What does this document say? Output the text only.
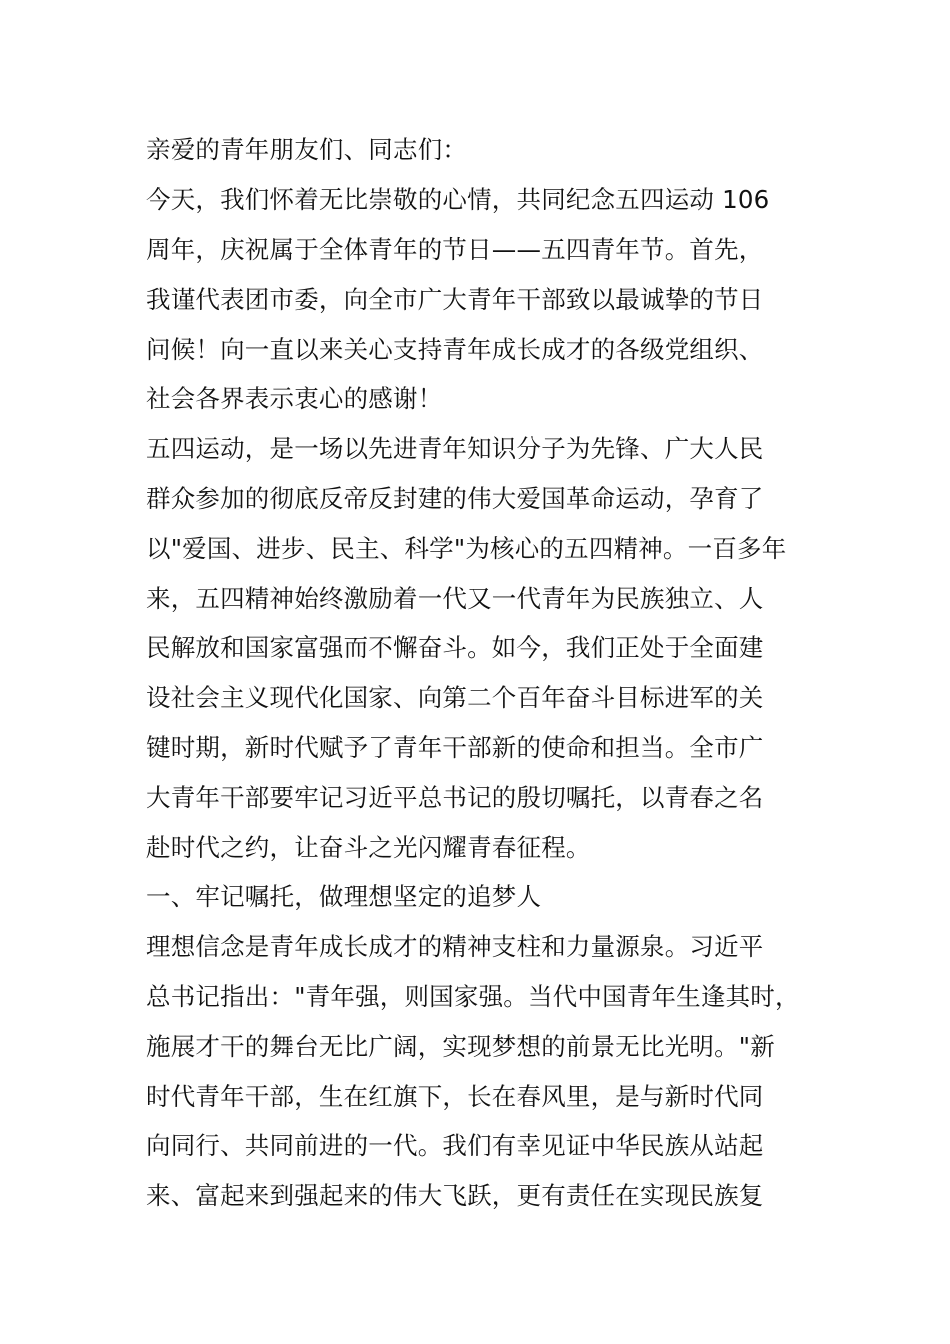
亲爱的青年朋友们、同志们：
今天，我们怀着无比崇敬的心情，共同纪念五四运动 106
周年，庆祝属于全体青年的节日——五四青年节。首先，
我谨代表团市委，向全市广大青年干部致以最诚挚的节日
问候！向一直以来关心支持青年成长成才的各级党组织、
社会各界表示衷心的感谢！
五四运动，是一场以先进青年知识分子为先锋、广大人民
群众参加的彻底反帝反封建的伟大爱国革命运动，孕育了
以"爱国、进步、民主、科学"为核心的五四精神。一百多年
来，五四精神始终激励着一代又一代青年为民族独立、人
民解放和国家富强而不懈奋斗。如今，我们正处于全面建
设社会主义现代化国家、向第二个百年奋斗目标进军的关
键时期，新时代赋予了青年干部新的使命和担当。全市广
大青年干部要牢记习近平总书记的殷切嘱托，以青春之名
赴时代之约，让奋斗之光闪耀青春征程。
一、牢记嘱托，做理想坚定的追梦人
理想信念是青年成长成才的精神支柱和力量源泉。习近平
总书记指出："青年强，则国家强。当代中国青年生逢其时，
施展才干的舞台无比广阔，实现梦想的前景无比光明。"新
时代青年干部，生在红旗下，长在春风里，是与新时代同
向同行、共同前进的一代。我们有幸见证中华民族从站起
来、富起来到强起来的伟大飞跃，更有责任在实现民族复
